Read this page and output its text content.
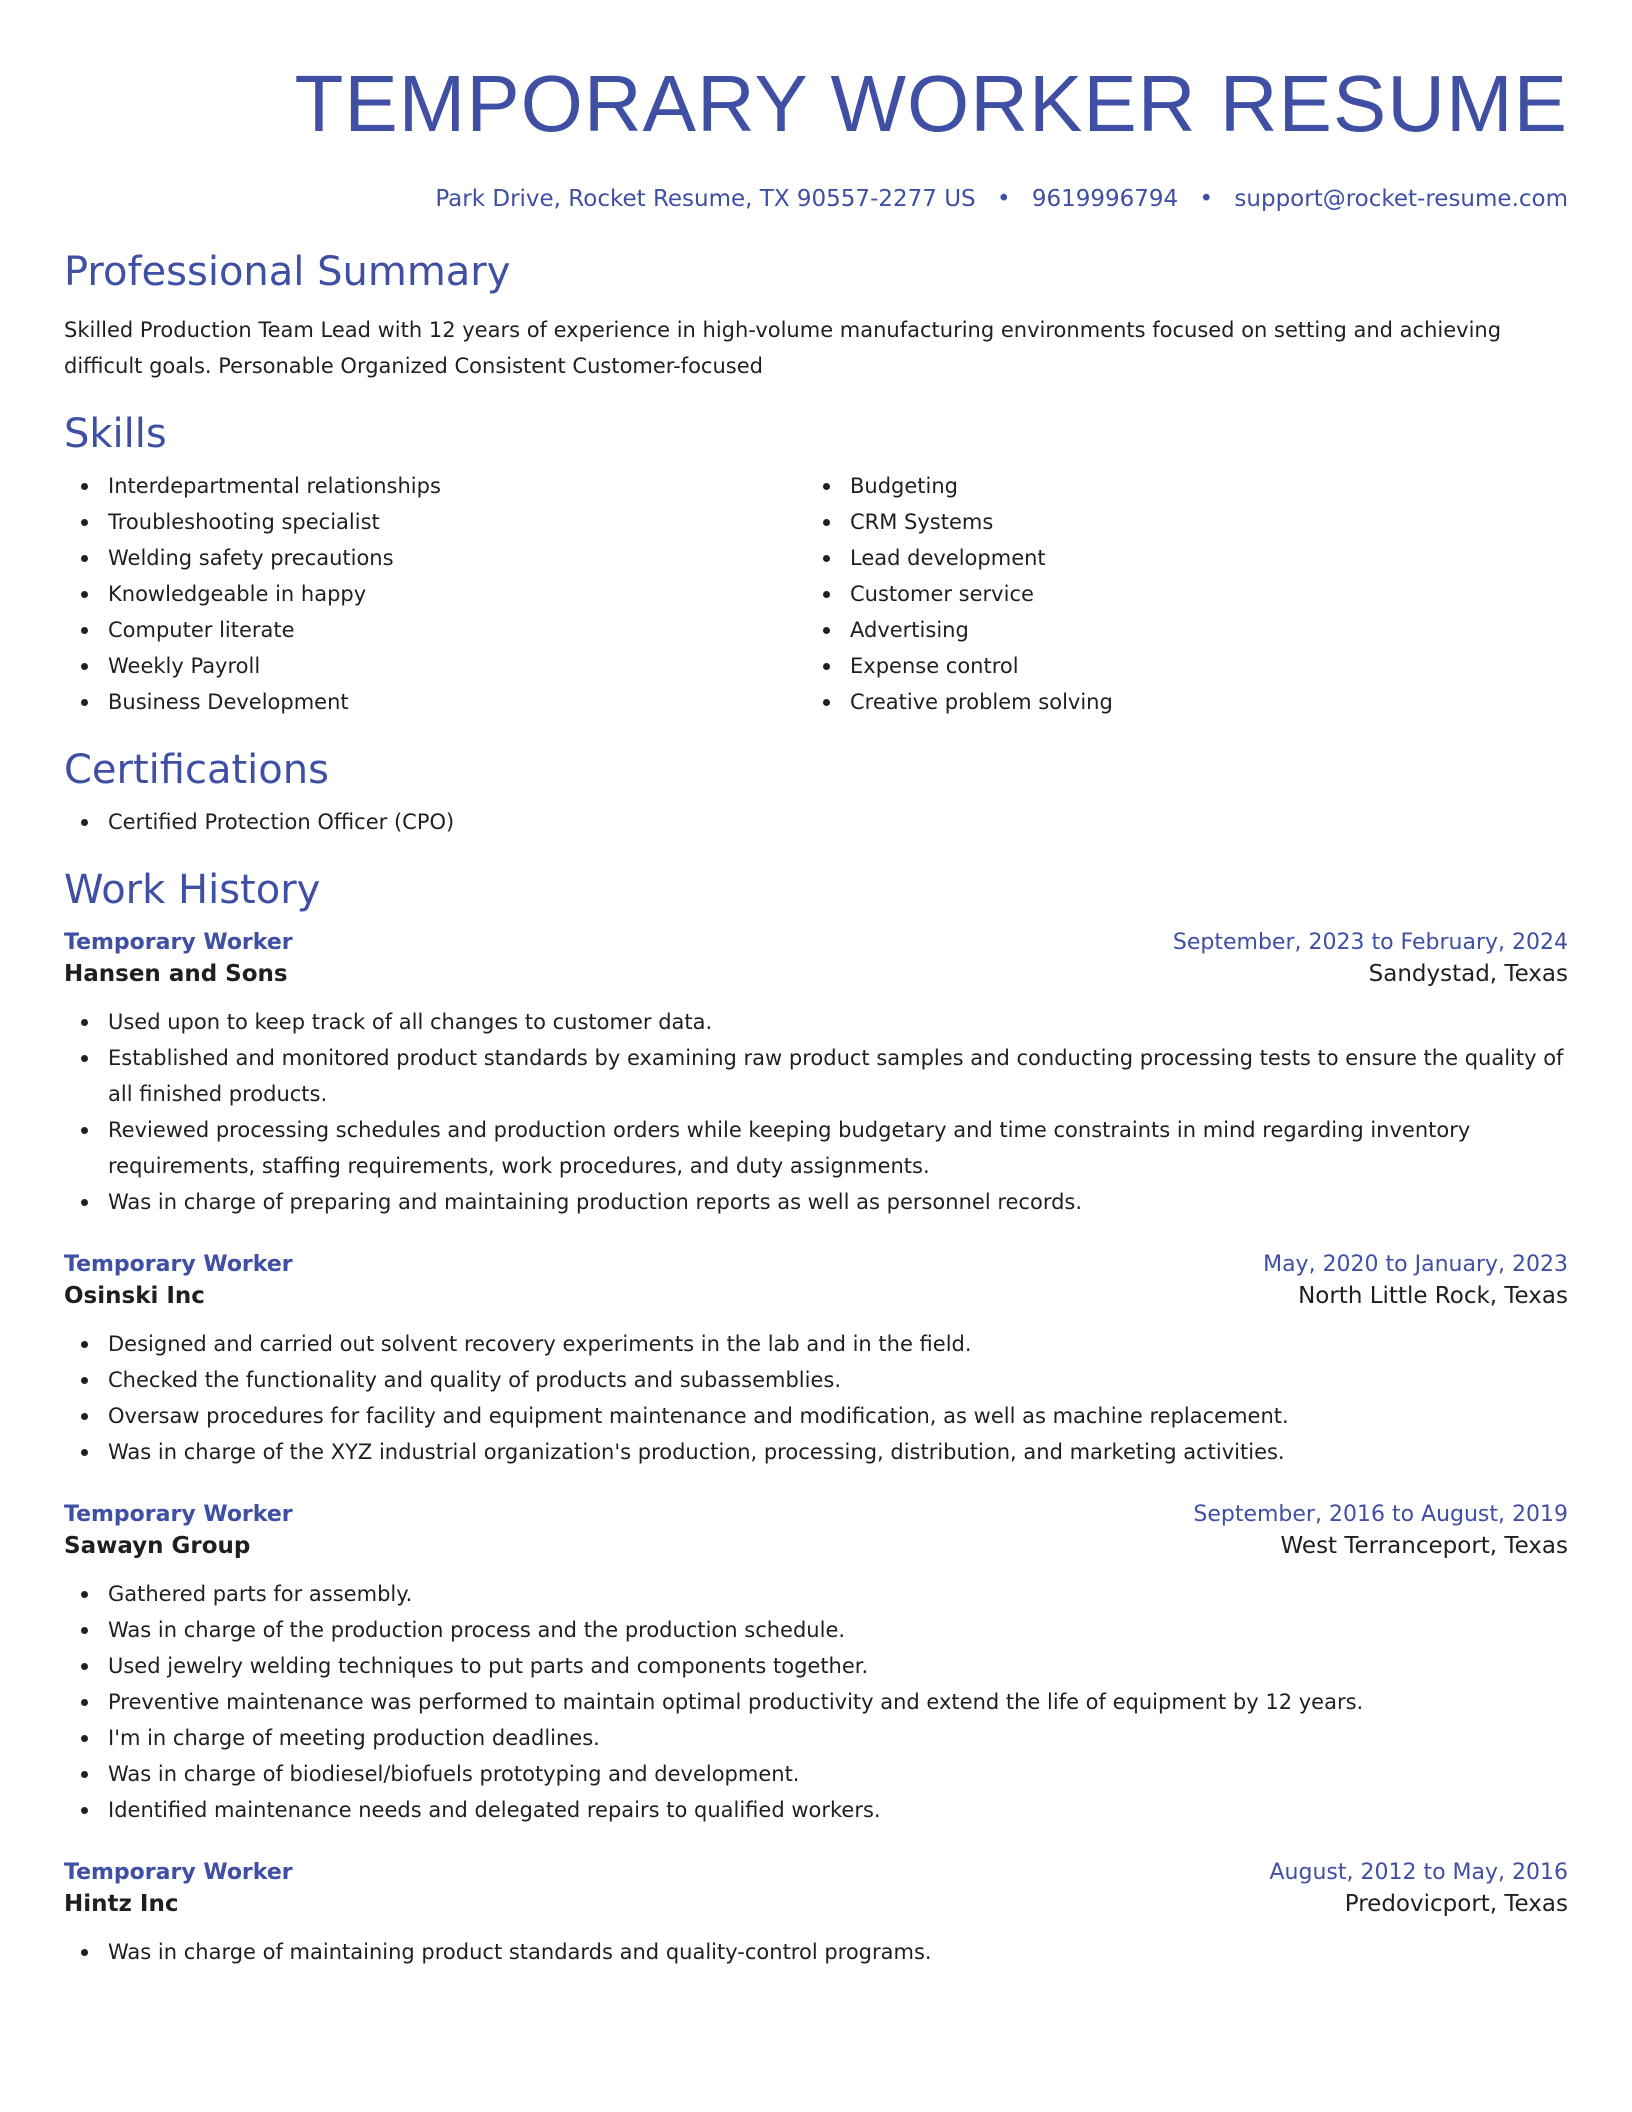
TEMPORARY WORKER RESUME
Park Drive, Rocket Resume, TX 90557-2277 US • 9619996794 • support@rocket-resume.com
Professional Summary

Skilled Production Team Lead with 12 years of experience in high-volume manufacturing environments focused on setting and achieving difficult goals. Personable Organized Consistent Customer-focused

Skills
Interdepartmental relationships
Troubleshooting specialist
Welding safety precautions
Knowledgeable in happy
Computer literate
Weekly Payroll
Business Development
Budgeting
CRM Systems
Lead development
Customer service
Advertising
Expense control
Creative problem solving
Certifications
Certified Protection Officer (CPO)
Work History
Temporary Worker	September, 2023 to February, 2024
Hansen and Sons	Sandystad, Texas
Used upon to keep track of all changes to customer data.
Established and monitored product standards by examining raw product samples and conducting processing tests to ensure the quality of all finished products.
Reviewed processing schedules and production orders while keeping budgetary and time constraints in mind regarding inventory requirements, staffing requirements, work procedures, and duty assignments.
Was in charge of preparing and maintaining production reports as well as personnel records.
Temporary Worker	May, 2020 to January, 2023
Osinski Inc	North Little Rock, Texas
Designed and carried out solvent recovery experiments in the lab and in the field.
Checked the functionality and quality of products and subassemblies.
Oversaw procedures for facility and equipment maintenance and modification, as well as machine replacement.
Was in charge of the XYZ industrial organization's production, processing, distribution, and marketing activities.
Temporary Worker	September, 2016 to August, 2019
Sawayn Group	West Terranceport, Texas
Gathered parts for assembly.
Was in charge of the production process and the production schedule.
Used jewelry welding techniques to put parts and components together.
Preventive maintenance was performed to maintain optimal productivity and extend the life of equipment by 12 years.
I'm in charge of meeting production deadlines.
Was in charge of biodiesel/biofuels prototyping and development.
Identified maintenance needs and delegated repairs to qualified workers.
Temporary Worker	August, 2012 to May, 2016
Hintz Inc	Predovicport, Texas
Was in charge of maintaining product standards and quality-control programs.
